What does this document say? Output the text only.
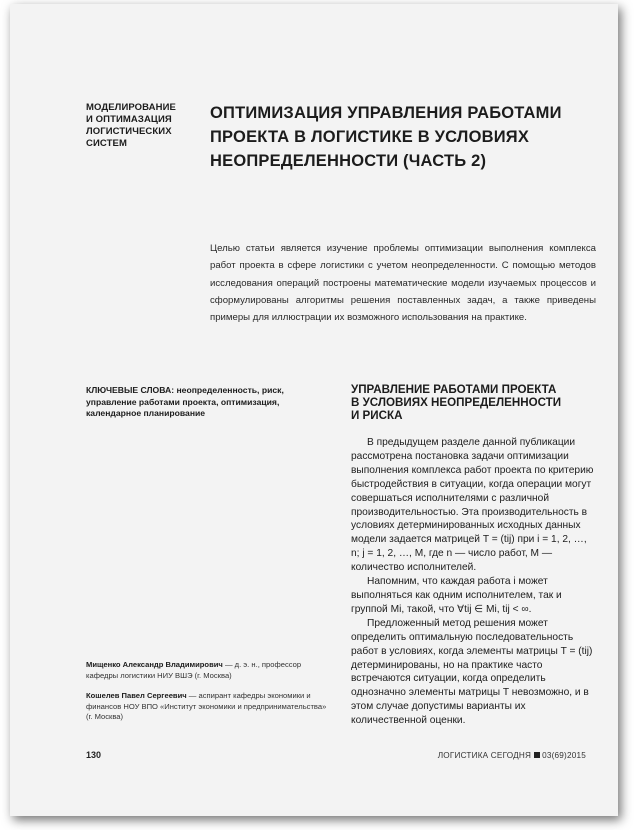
МОДЕЛИРОВАНИЕ
И ОПТИМАЗАЦИЯ
ЛОГИСТИЧЕСКИХ
СИСТЕМ
ОПТИМИЗАЦИЯ УПРАВЛЕНИЯ РАБОТАМИ
ПРОЕКТА В ЛОГИСТИКЕ В УСЛОВИЯХ
НЕОПРЕДЕЛЕННОСТИ (ЧАСТЬ 2)
Целью статьи является изучение проблемы оптимизации выполнения комплекса работ проекта в сфере логистики с учетом неопределенности. С помощью методов исследования операций построены математические модели изучаемых процессов и сформулированы алгоритмы решения поставленных задач, а также приведены примеры для иллюстрации их возможного использования на практике.
КЛЮЧЕВЫЕ СЛОВА: неопределенность, риск, управление работами проекта, оптимизация, календарное планирование
Мищенко Александр Владимирович — д. э. н., профессор кафедры логистики НИУ ВШЭ (г. Москва)
Кошелев Павел Сергеевич — аспирант кафедры экономики и финансов НОУ ВПО «Институт экономики и предпринимательства» (г. Москва)
УПРАВЛЕНИЕ РАБОТАМИ ПРОЕКТА
В УСЛОВИЯХ НЕОПРЕДЕЛЕННОСТИ
И РИСКА

В предыдущем разделе данной публикации рассмотрена постановка задачи оптимизации выполнения комплекса работ проекта по критерию быстродействия в ситуации, когда операции могут совершаться исполнителями с различной производительностью. Эта производительность в условиях детерминированных исходных данных модели задается матрицей T = (tij) при i = 1, 2, …, n; j = 1, 2, …, M, где n — число работ, M — количество исполнителей.

Напомним, что каждая работа i может выполняться как одним исполнителем, так и группой Mi, такой, что ∀tij ∈ Mi, tij < ∞.

Предложенный метод решения может определить оптимальную последовательность работ в условиях, когда элементы матрицы T = (tij) детерминированы, но на практике часто встречаются ситуации, когда определить однозначно элементы матрицы T невозможно, и в этом случае допустимы варианты их количественной оценки.

130	ЛОГИСТИКА СЕГОДНЯ 03(69)2015
